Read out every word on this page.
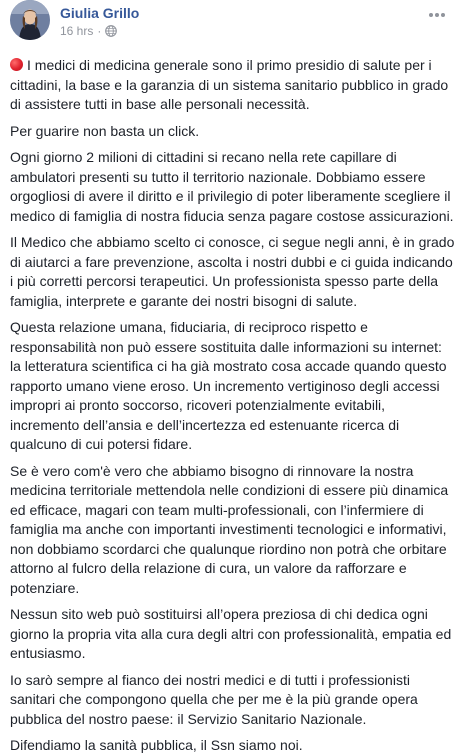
Giulia Grillo
16 hrs ·

I medici di medicina generale sono il primo presidio di salute per i cittadini, la base e la garanzia di un sistema sanitario pubblico in grado di assistere tutti in base alle personali necessità.

Per guarire non basta un click.

Ogni giorno 2 milioni di cittadini si recano nella rete capillare di ambulatori presenti su tutto il territorio nazionale. Dobbiamo essere orgogliosi di avere il diritto e il privilegio di poter liberamente scegliere il medico di famiglia di nostra fiducia senza pagare costose assicurazioni.

Il Medico che abbiamo scelto ci conosce, ci segue negli anni, è in grado di aiutarci a fare prevenzione, ascolta i nostri dubbi e ci guida indicando i più corretti percorsi terapeutici. Un professionista spesso parte della famiglia, interprete e garante dei nostri bisogni di salute.

Questa relazione umana, fiduciaria, di reciproco rispetto e responsabilità non può essere sostituita dalle informazioni su internet: la letteratura scientifica ci ha già mostrato cosa accade quando questo rapporto umano viene eroso. Un incremento vertiginoso degli accessi impropri ai pronto soccorso, ricoveri potenzialmente evitabili, incremento dell’ansia e dell’incertezza ed estenuante ricerca di qualcuno di cui potersi fidare.

Se è vero com'è vero che abbiamo bisogno di rinnovare la nostra medicina territoriale mettendola nelle condizioni di essere più dinamica ed efficace, magari con team multi-professionali, con l’infermiere di famiglia ma anche con importanti investimenti tecnologici e informativi, non dobbiamo scordarci che qualunque riordino non potrà che orbitare attorno al fulcro della relazione di cura, un valore da rafforzare e potenziare.

Nessun sito web può sostituirsi all’opera preziosa di chi dedica ogni giorno la propria vita alla cura degli altri con professionalità, empatia ed entusiasmo.

Io sarò sempre al fianco dei nostri medici e di tutti i professionisti sanitari che compongono quella che per me è la più grande opera pubblica del nostro paese: il Servizio Sanitario Nazionale.

Difendiamo la sanità pubblica, il Ssn siamo noi.
